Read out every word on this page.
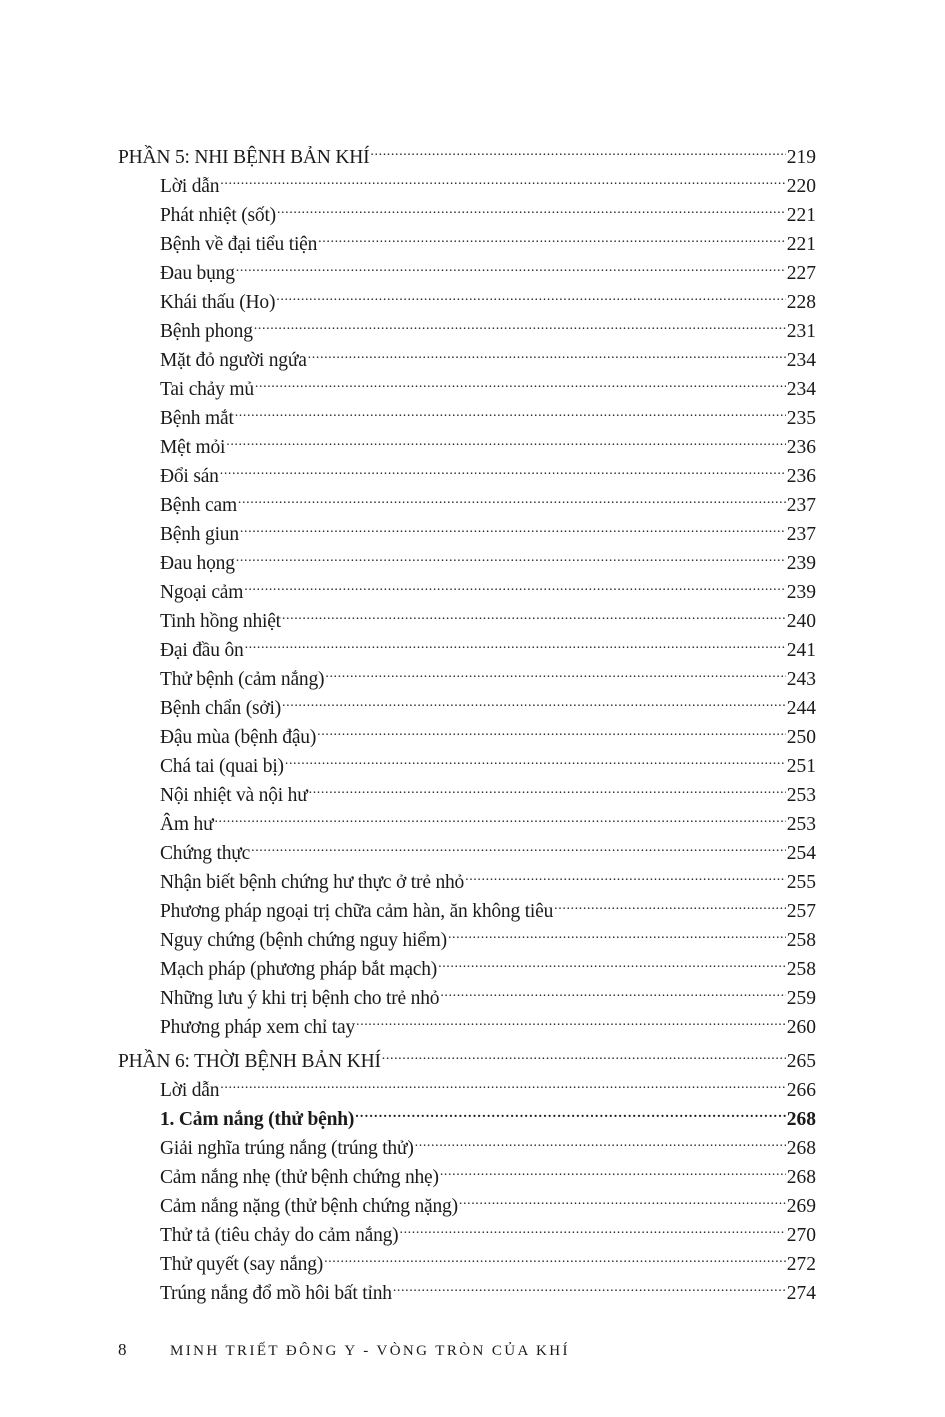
PHẦN 5: NHI BỆNH BẢN KHÍ .....	219
Lời dẫn .....	220
Phát nhiệt (sốt) .....	221
Bệnh về đại tiểu tiện .....	221
Đau bụng .....	227
Khái thấu (Ho) .....	228
Bệnh phong .....	231
Mặt đỏ người ngứa .....	234
Tai chảy mủ .....	234
Bệnh mắt .....	235
Mệt mỏi .....	236
Đổi sán .....	236
Bệnh cam .....	237
Bệnh giun .....	237
Đau họng .....	239
Ngoại cảm .....	239
Tinh hồng nhiệt .....	240
Đại đầu ôn .....	241
Thử bệnh (cảm nắng) .....	243
Bệnh chẩn (sởi) .....	244
Đậu mùa (bệnh đậu) .....	250
Chá tai (quai bị) .....	251
Nội nhiệt và nội hư .....	253
Âm hư .....	253
Chứng thực .....	254
Nhận biết bệnh chứng hư thực ở trẻ nhỏ .....	255
Phương pháp ngoại trị chữa cảm hàn, ăn không tiêu .....	257
Nguy chứng (bệnh chứng nguy hiểm) .....	258
Mạch pháp (phương pháp bắt mạch) .....	258
Những lưu ý khi trị bệnh cho trẻ nhỏ .....	259
Phương pháp xem chỉ tay .....	260
PHẦN 6: THỜI BỆNH BẢN KHÍ .....	265
Lời dẫn .....	266
1. Cảm nắng (thử bệnh) .....	268
Giải nghĩa trúng nắng (trúng thử) .....	268
Cảm nắng nhẹ (thử bệnh chứng nhẹ) .....	268
Cảm nắng nặng (thử bệnh chứng nặng) .....	269
Thử tả (tiêu chảy do cảm nắng) .....	270
Thử quyết (say nắng) .....	272
Trúng nắng đổ mồ hôi bất tỉnh .....	274
8	MINH TRIẾT ĐÔNG Y - VÒNG TRÒN CỦA KHÍ
